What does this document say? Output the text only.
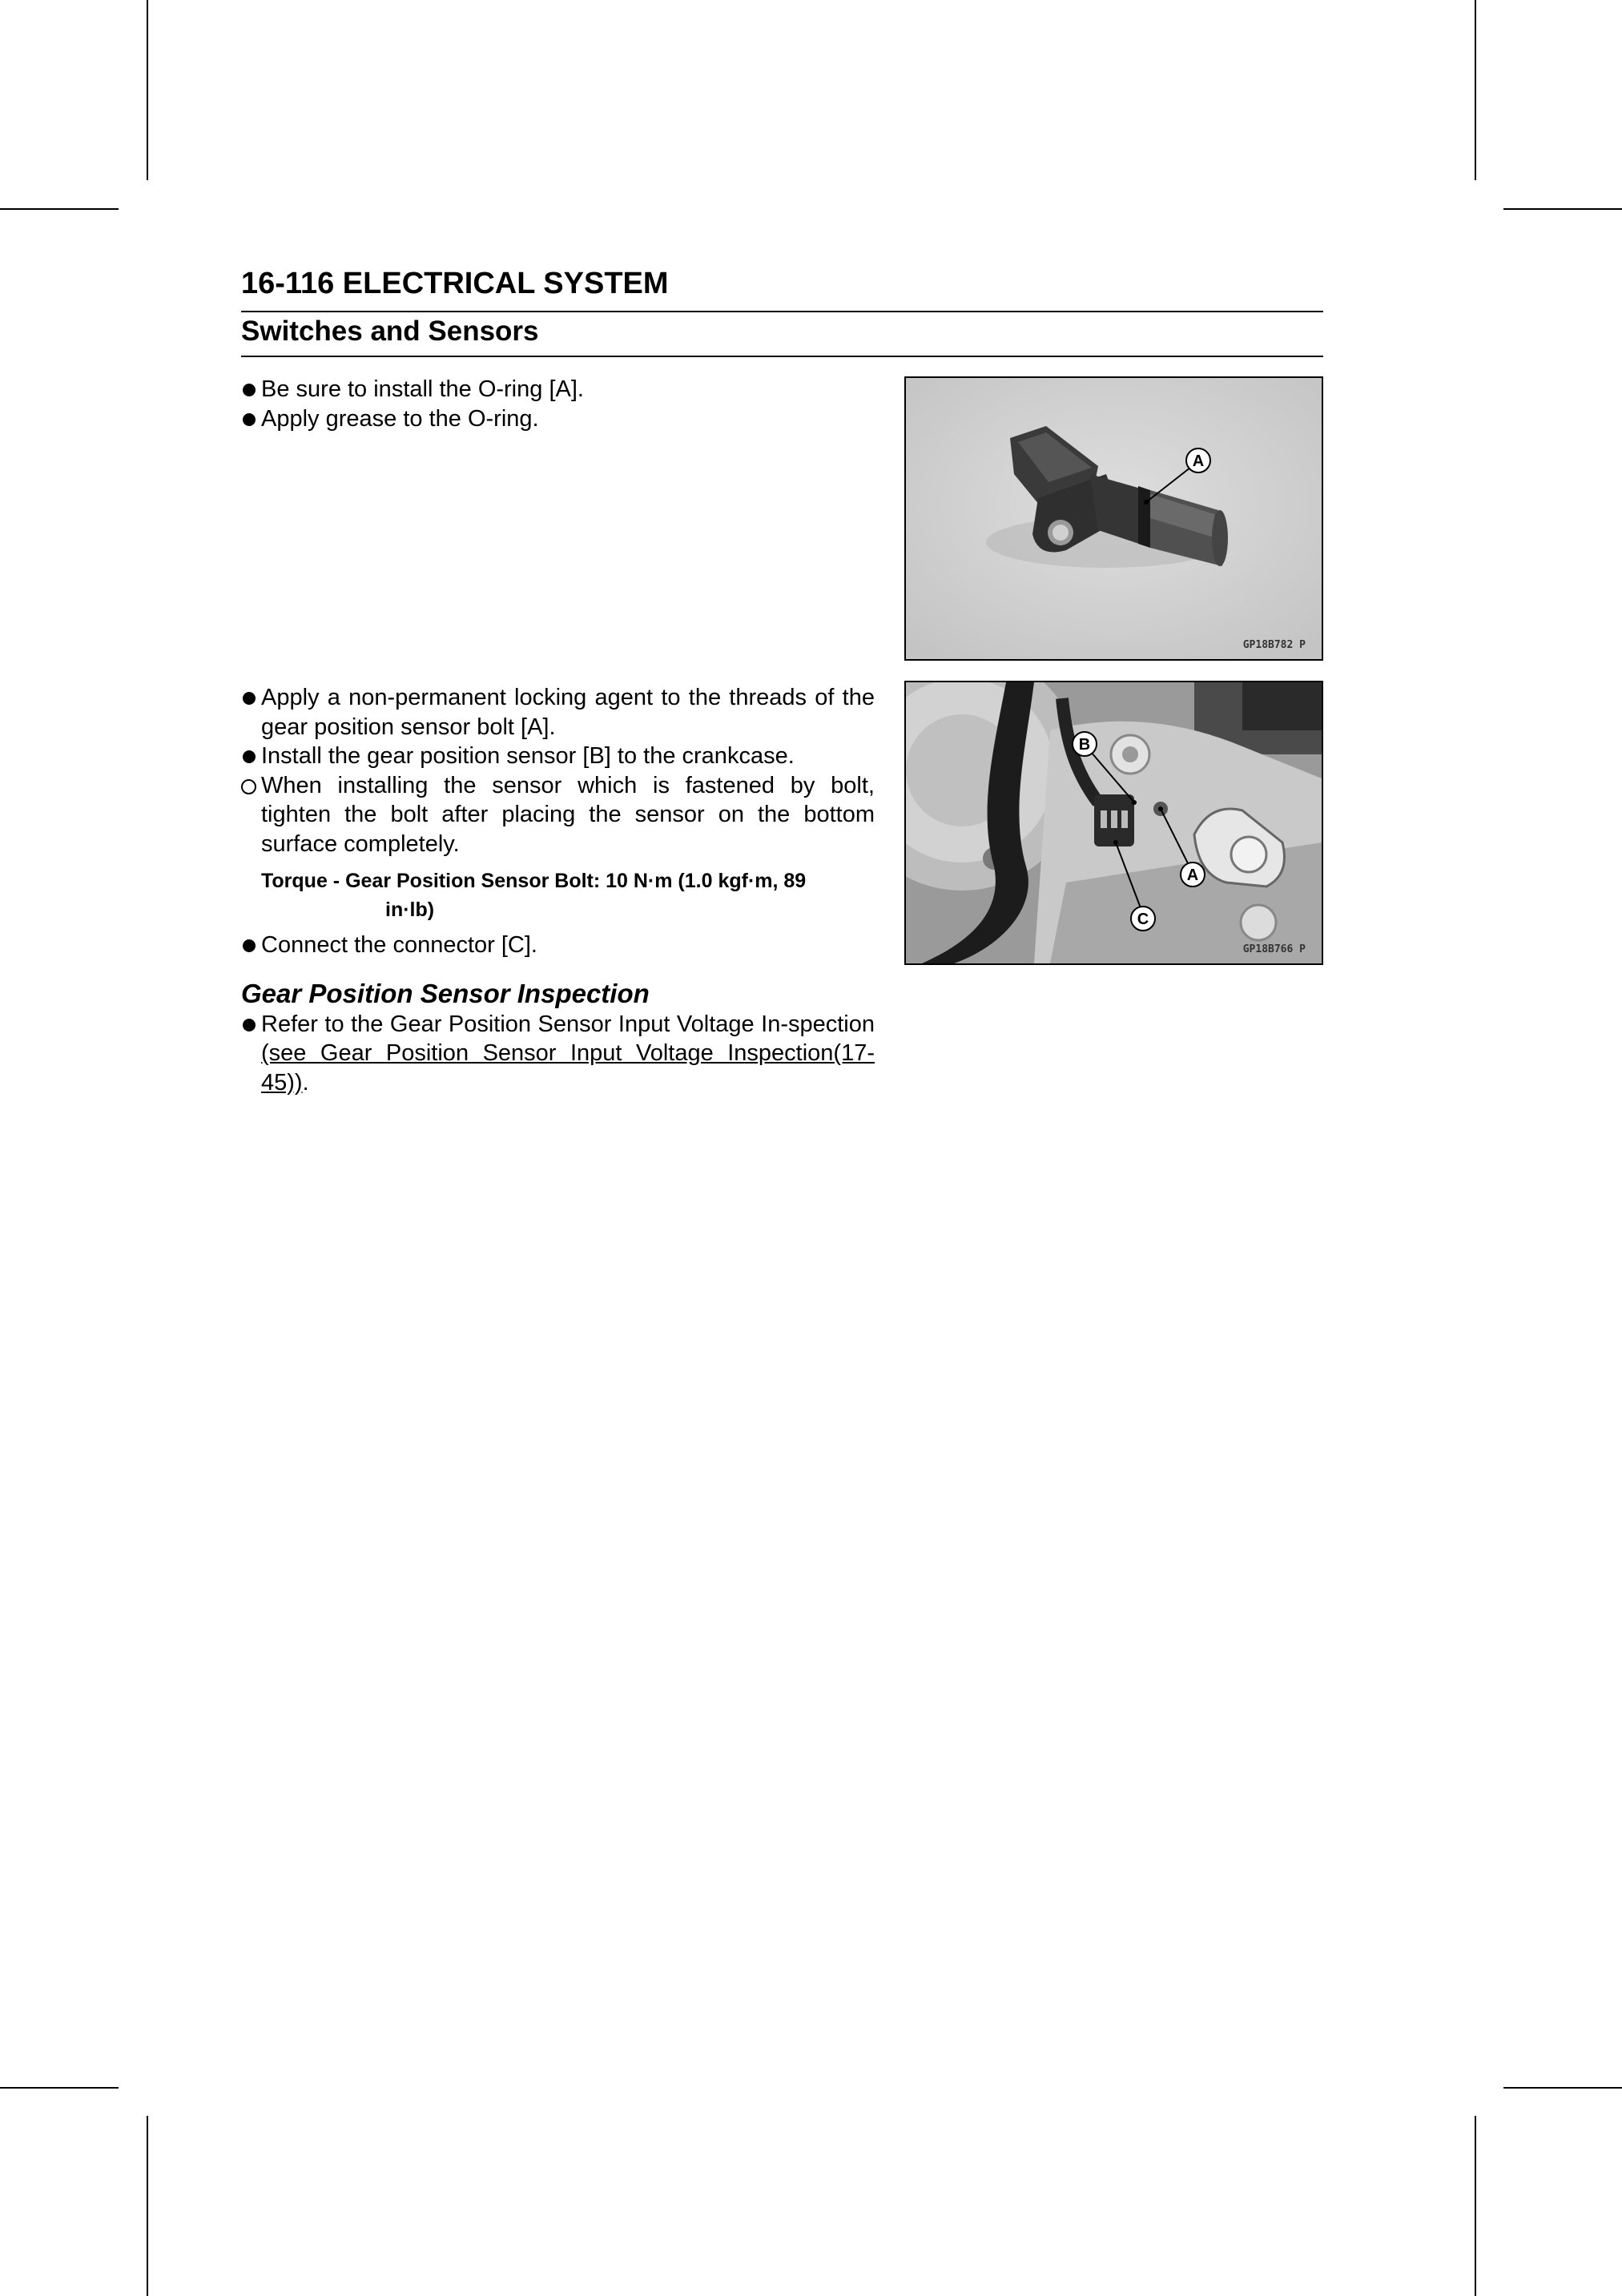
16-116 ELECTRICAL SYSTEM
Switches and Sensors
Be sure to install the O-ring [A].
Apply grease to the O-ring.
A
GP18B782 P
Apply a non-permanent locking agent to the threads of the gear position sensor bolt [A].
Install the gear position sensor [B] to the crankcase.
When installing the sensor which is fastened by bolt, tighten the bolt after placing the sensor on the bottom surface completely.
Torque - Gear Position Sensor Bolt: 10 N·m (1.0 kgf·m, 89
in·lb)
Connect the connector [C].
Gear Position Sensor Inspection
Refer to the Gear Position Sensor Input Voltage In-spection (see Gear Position Sensor Input Voltage Inspection(17-45)).
B
A
C
GP18B766 P
